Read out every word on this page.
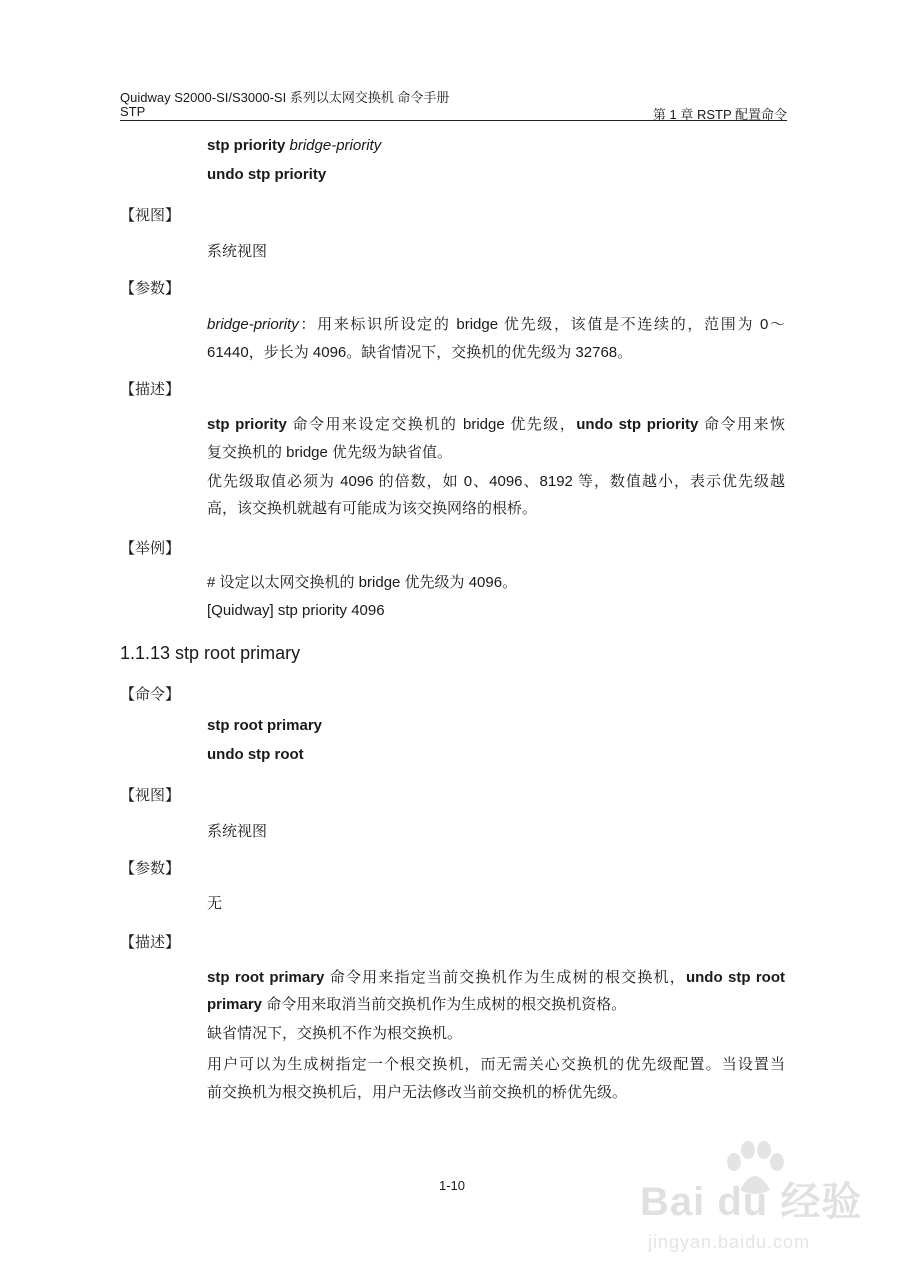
Quidway S2000-SI/S3000-SI 系列以太网交换机 命令手册
STP	第 1 章 RSTP 配置命令
stp priority bridge-priority
undo stp priority
【视图】
系统视图
【参数】
bridge-priority：用来标识所设定的 bridge 优先级，该值是不连续的，范围为 0～
61440，步长为 4096。缺省情况下，交换机的优先级为 32768。
【描述】
stp priority 命令用来设定交换机的 bridge 优先级，undo stp priority 命令用来恢
复交换机的 bridge 优先级为缺省值。
优先级取值必须为 4096 的倍数，如 0、4096、8192 等，数值越小，表示优先级越
高，该交换机就越有可能成为该交换网络的根桥。
【举例】
# 设定以太网交换机的 bridge 优先级为 4096。
[Quidway] stp priority 4096
1.1.13 stp root primary
【命令】
stp root primary
undo stp root
【视图】
系统视图
【参数】
无
【描述】
stp root primary 命令用来指定当前交换机作为生成树的根交换机，undo stp root
primary 命令用来取消当前交换机作为生成树的根交换机资格。
缺省情况下，交换机不作为根交换机。
用户可以为生成树指定一个根交换机，而无需关心交换机的优先级配置。当设置当
前交换机为根交换机后，用户无法修改当前交换机的桥优先级。
1-10	Bai du 经验
jingyan.baidu.com
